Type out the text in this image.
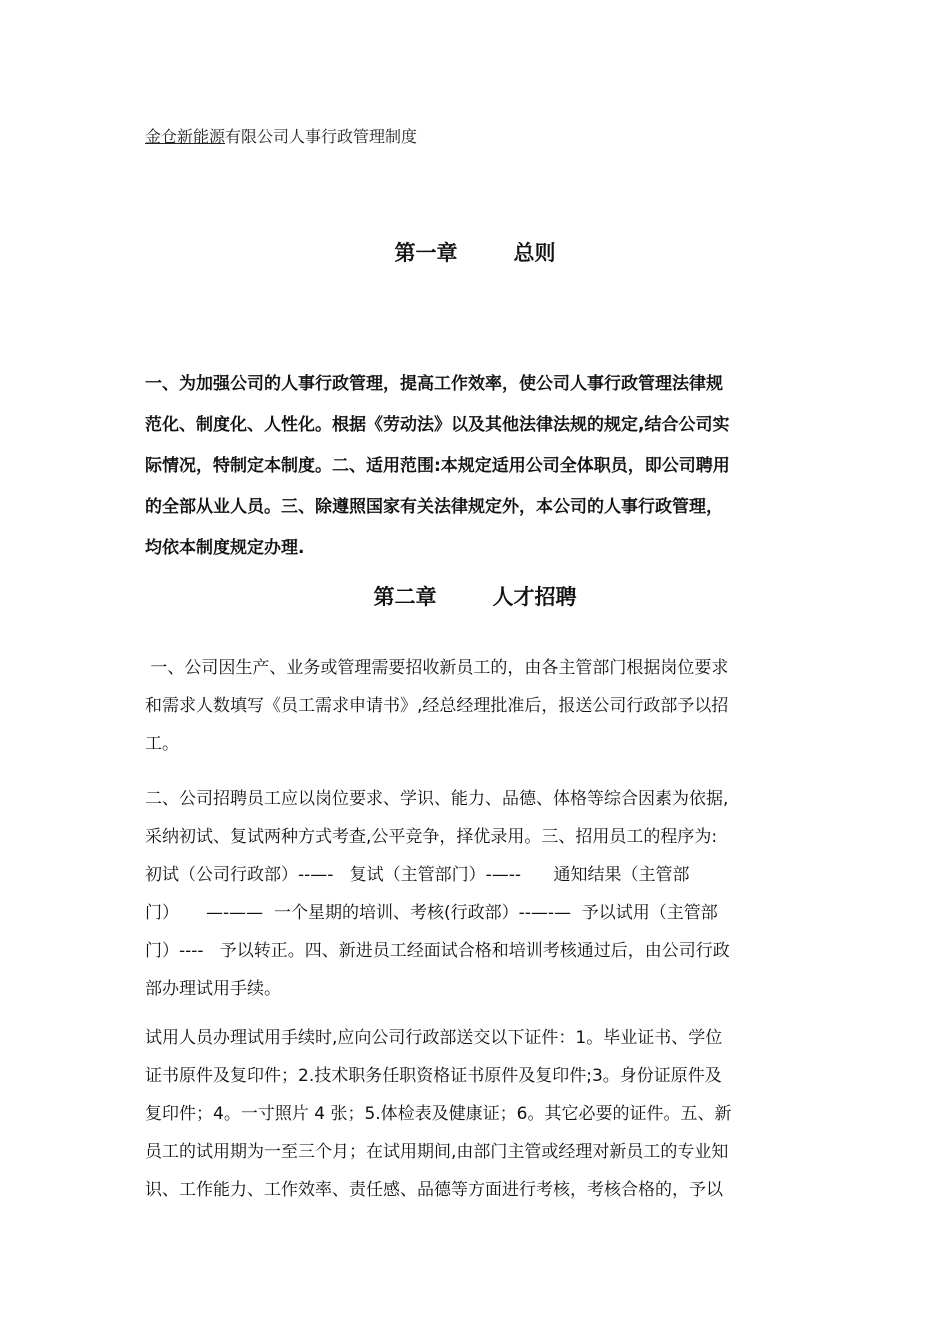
金仓新能源有限公司人事行政管理制度
第一章	总则
一、为加强公司的人事行政管理，提高工作效率，使公司人事行政管理法律规
范化、制度化、人性化。根据《劳动法》以及其他法律法规的规定,结合公司实
际情况，特制定本制度。二、适用范围:本规定适用公司全体职员，即公司聘用
的全部从业人员。三、除遵照国家有关法律规定外，本公司的人事行政管理，
均依本制度规定办理.
第二章	人才招聘
一、公司因生产、业务或管理需要招收新员工的，由各主管部门根据岗位要求
和需求人数填写《员工需求申请书》,经总经理批准后，报送公司行政部予以招
工。
二、公司招聘员工应以岗位要求、学识、能力、品德、体格等综合因素为依据,
采纳初试、复试两种方式考查,公平竞争，择优录用。三、招用员工的程序为:
初试（公司行政部）--—-   复试（主管部门）-—--      通知结果（主管部
门）     —-——  一个星期的培训、考核(行政部）--—-—  予以试用（主管部
门）----   予以转正。四、新进员工经面试合格和培训考核通过后，由公司行政
部办理试用手续。
试用人员办理试用手续时,应向公司行政部送交以下证件：1。毕业证书、学位
证书原件及复印件；2.技术职务任职资格证书原件及复印件;3。身份证原件及
复印件；4。一寸照片 4 张；5.体检表及健康证；6。其它必要的证件。五、新
员工的试用期为一至三个月；在试用期间,由部门主管或经理对新员工的专业知
识、工作能力、工作效率、责任感、品德等方面进行考核，考核合格的，予以
